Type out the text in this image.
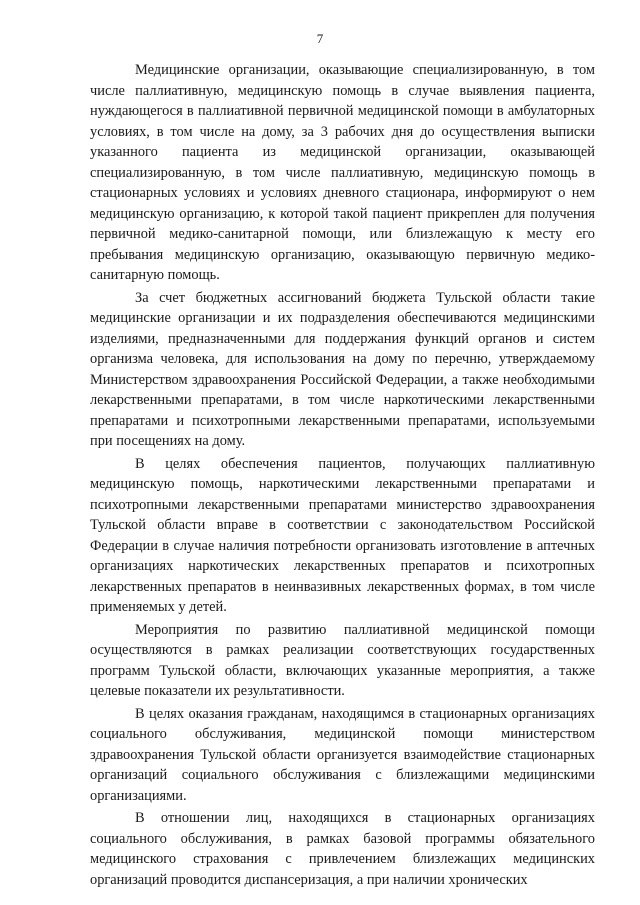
7

Медицинские организации, оказывающие специализированную, в том числе паллиативную, медицинскую помощь в случае выявления пациента, нуждающегося в паллиативной первичной медицинской помощи в амбулаторных условиях, в том числе на дому, за 3 рабочих дня до осуществления выписки указанного пациента из медицинской организации, оказывающей специализированную, в том числе паллиативную, медицинскую помощь в стационарных условиях и условиях дневного стационара, информируют о нем медицинскую организацию, к которой такой пациент прикреплен для получения первичной медико-санитарной помощи, или близлежащую к месту его пребывания медицинскую организацию, оказывающую первичную медико-санитарную помощь.

За счет бюджетных ассигнований бюджета Тульской области такие медицинские организации и их подразделения обеспечиваются медицинскими изделиями, предназначенными для поддержания функций органов и систем организма человека, для использования на дому по перечню, утверждаемому Министерством здравоохранения Российской Федерации, а также необходимыми лекарственными препаратами, в том числе наркотическими лекарственными препаратами и психотропными лекарственными препаратами, используемыми при посещениях на дому.

В целях обеспечения пациентов, получающих паллиативную медицинскую помощь, наркотическими лекарственными препаратами и психотропными лекарственными препаратами министерство здравоохранения Тульской области вправе в соответствии с законодательством Российской Федерации в случае наличия потребности организовать изготовление в аптечных организациях наркотических лекарственных препаратов и психотропных лекарственных препаратов в неинвазивных лекарственных формах, в том числе применяемых у детей.

Мероприятия по развитию паллиативной медицинской помощи осуществляются в рамках реализации соответствующих государственных программ Тульской области, включающих указанные мероприятия, а также целевые показатели их результативности.

В целях оказания гражданам, находящимся в стационарных организациях социального обслуживания, медицинской помощи министерством здравоохранения Тульской области организуется взаимодействие стационарных организаций социального обслуживания с близлежащими медицинскими организациями.

В отношении лиц, находящихся в стационарных организациях социального обслуживания, в рамках базовой программы обязательного медицинского страхования с привлечением близлежащих медицинских организаций проводится диспансеризация, а при наличии хронических
